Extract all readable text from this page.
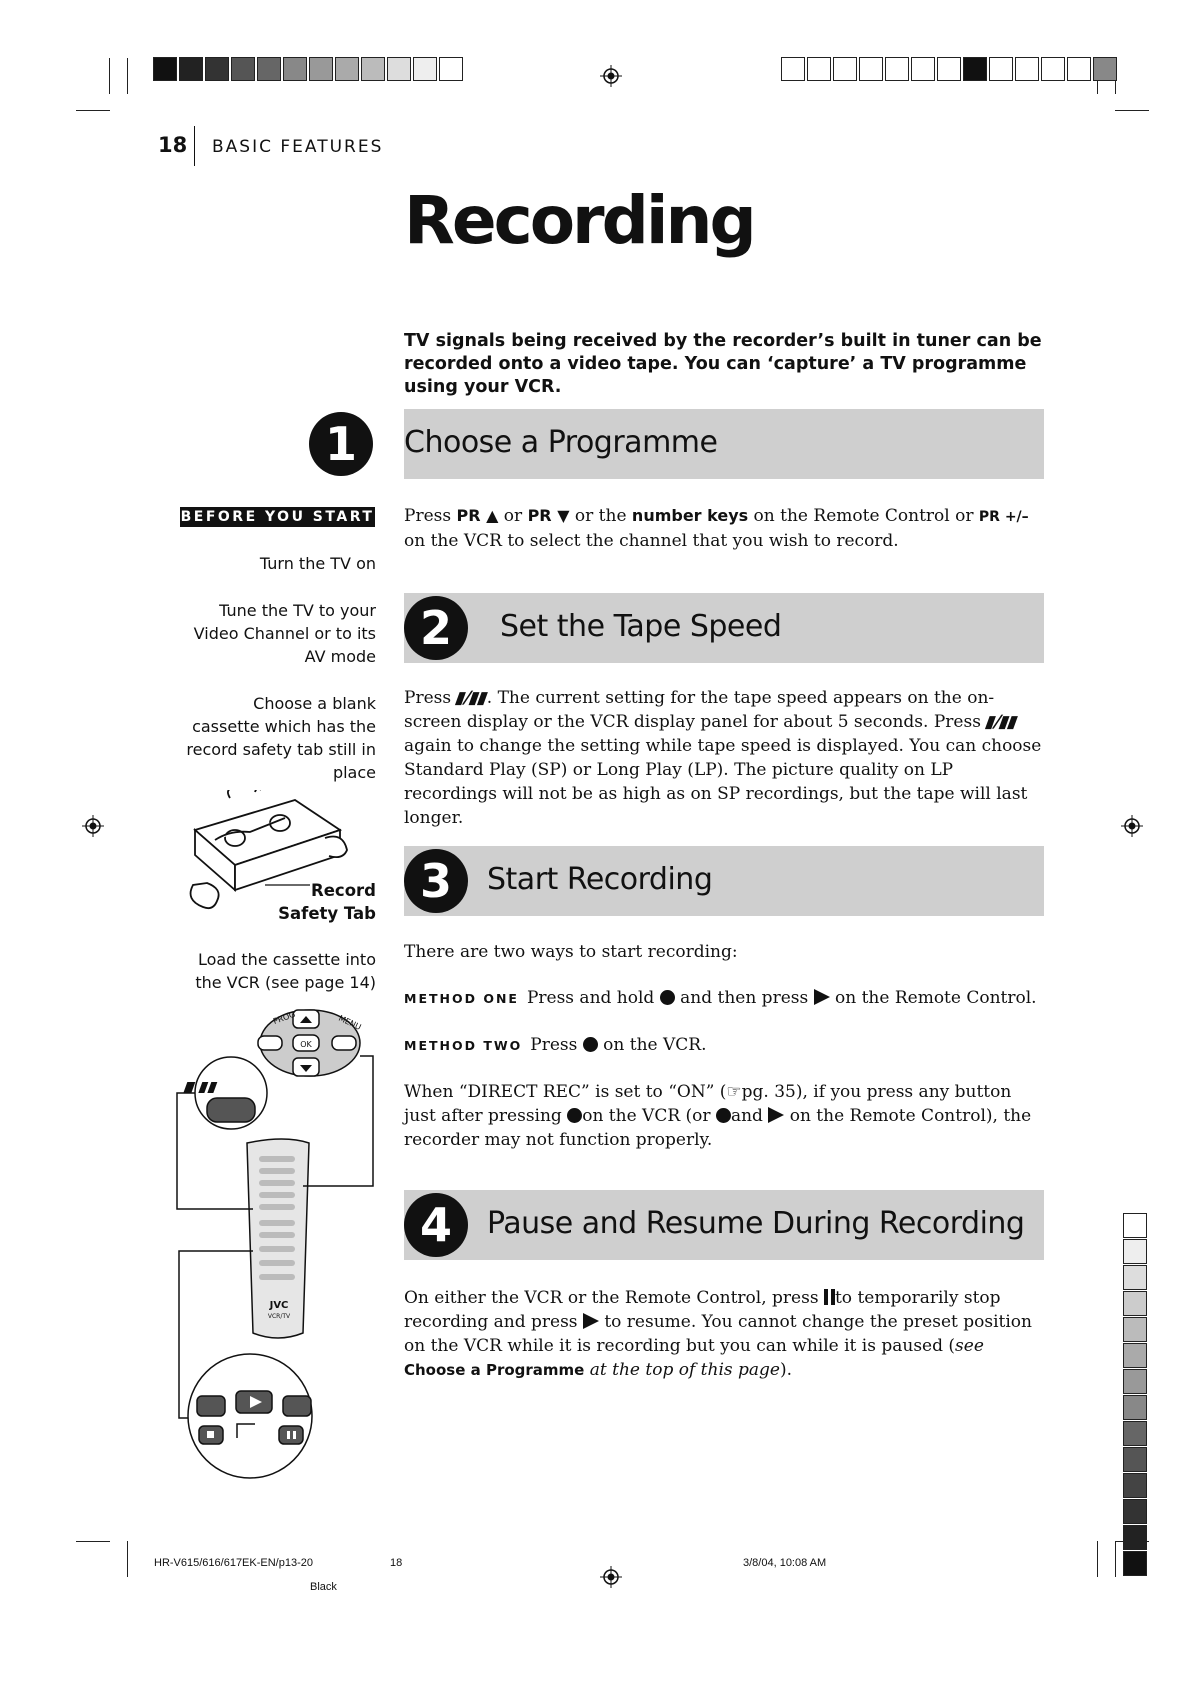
18 BASIC FEATURES
Recording
TV signals being received by the recorder’s built in tuner can be recorded onto a video tape. You can ‘capture’ a TV programme using your VCR.
Choose a Programme
1
Press PR ▲ or PR ▼ or the number keys on the Remote Control or PR +/– on the VCR to select the channel that you wish to record.
Set the Tape Speed
2
Press ▮/▮▮. The current setting for the tape speed appears on the on-screen display or the VCR display panel for about 5 seconds. Press ▮/▮▮ again to change the setting while tape speed is displayed. You can choose Standard Play (SP) or Long Play (LP). The picture quality on LP recordings will not be as high as on SP recordings, but the tape will last longer.
Start Recording
3
There are two ways to start recording:
METHOD ONE Press and hold  and then press  on the Remote Control.
METHOD TWO Press  on the VCR.
When “DIRECT REC” is set to “ON” (☞pg. 35), if you press any button just after pressing on the VCR (or and  on the Remote Control), the recorder may not function properly.
Pause and Resume During Recording
4
On either the VCR or the Remote Control, press to temporarily stop recording and press  to resume. You cannot change the preset position on the VCR while it is recording but you can while it is paused (see Choose a Programme at the top of this page).
BEFORE YOU START
Turn the TV on
Tune the TV to your
Video Channel or to its
AV mode
Choose a blank
cassette which has the
record safety tab still in
place
Record
Safety Tab
Load the cassette into
the VCR (see page 14)
OK
PROG	MENU
JVC
VCR/TV
HR-V615/616/617EK-EN/p13-20	18	3/8/04, 10:08 AM
Black
